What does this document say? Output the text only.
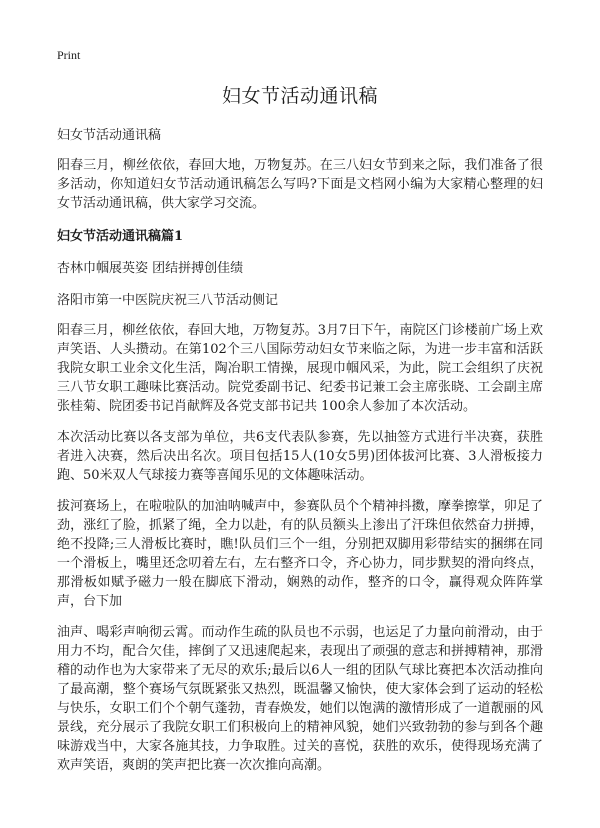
Print
妇女节活动通讯稿
妇女节活动通讯稿

阳春三月，柳丝依依，春回大地，万物复苏。在三八妇女节到来之际，我们准备了很多活动，你知道妇女节活动通讯稿怎么写吗?下面是文档网小编为大家精心整理的妇女节活动通讯稿，供大家学习交流。

妇女节活动通讯稿篇1
杏林巾帼展英姿 团结拼搏创佳绩
洛阳市第一中医院庆祝三八节活动侧记

阳春三月，柳丝依依，春回大地，万物复苏。3月7日下午，南院区门诊楼前广场上欢声笑语、人头攒动。在第102个三八国际劳动妇女节来临之际，为进一步丰富和活跃我院女职工业余文化生活，陶冶职工情操，展现巾帼风采，为此，院工会组织了庆祝三八节女职工趣味比赛活动。院党委副书记、纪委书记兼工会主席张晓、工会副主席张桂菊、院团委书记肖献辉及各党支部书记共 100余人参加了本次活动。

本次活动比赛以各支部为单位，共6支代表队参赛，先以抽签方式进行半决赛，获胜者进入决赛，然后决出名次。项目包括15人(10女5男)团体拔河比赛、3人滑板接力跑、50米双人气球接力赛等喜闻乐见的文体趣味活动。

拔河赛场上，在啦啦队的加油呐喊声中，参赛队员个个精神抖擞，摩拳擦掌，卯足了劲，涨红了脸，抓紧了绳，全力以赴，有的队员额头上渗出了汗珠但依然奋力拼搏，绝不投降;三人滑板比赛时，瞧!队员们三个一组，分别把双脚用彩带结实的捆绑在同一个滑板上，嘴里还念叨着左右，左右整齐口令，齐心协力，同步默契的滑向终点，那滑板如赋予磁力一般在脚底下滑动，娴熟的动作，整齐的口令，赢得观众阵阵掌声，台下加

油声、喝彩声响彻云霄。而动作生疏的队员也不示弱，也运足了力量向前滑动，由于用力不均，配合欠佳，摔倒了又迅速爬起来，表现出了顽强的意志和拼搏精神，那滑稽的动作也为大家带来了无尽的欢乐;最后以6人一组的团队气球比赛把本次活动推向了最高潮，整个赛场气氛既紧张又热烈，既温馨又愉快，使大家体会到了运动的轻松与快乐，女职工们个个朝气蓬勃，青春焕发，她们以饱满的激情形成了一道靓丽的风景线，充分展示了我院女职工们积极向上的精神风貌，她们兴致勃勃的参与到各个趣味游戏当中，大家各施其技，力争取胜。过关的喜悦，获胜的欢乐，使得现场充满了欢声笑语，爽朗的笑声把比赛一次次推向高潮。
